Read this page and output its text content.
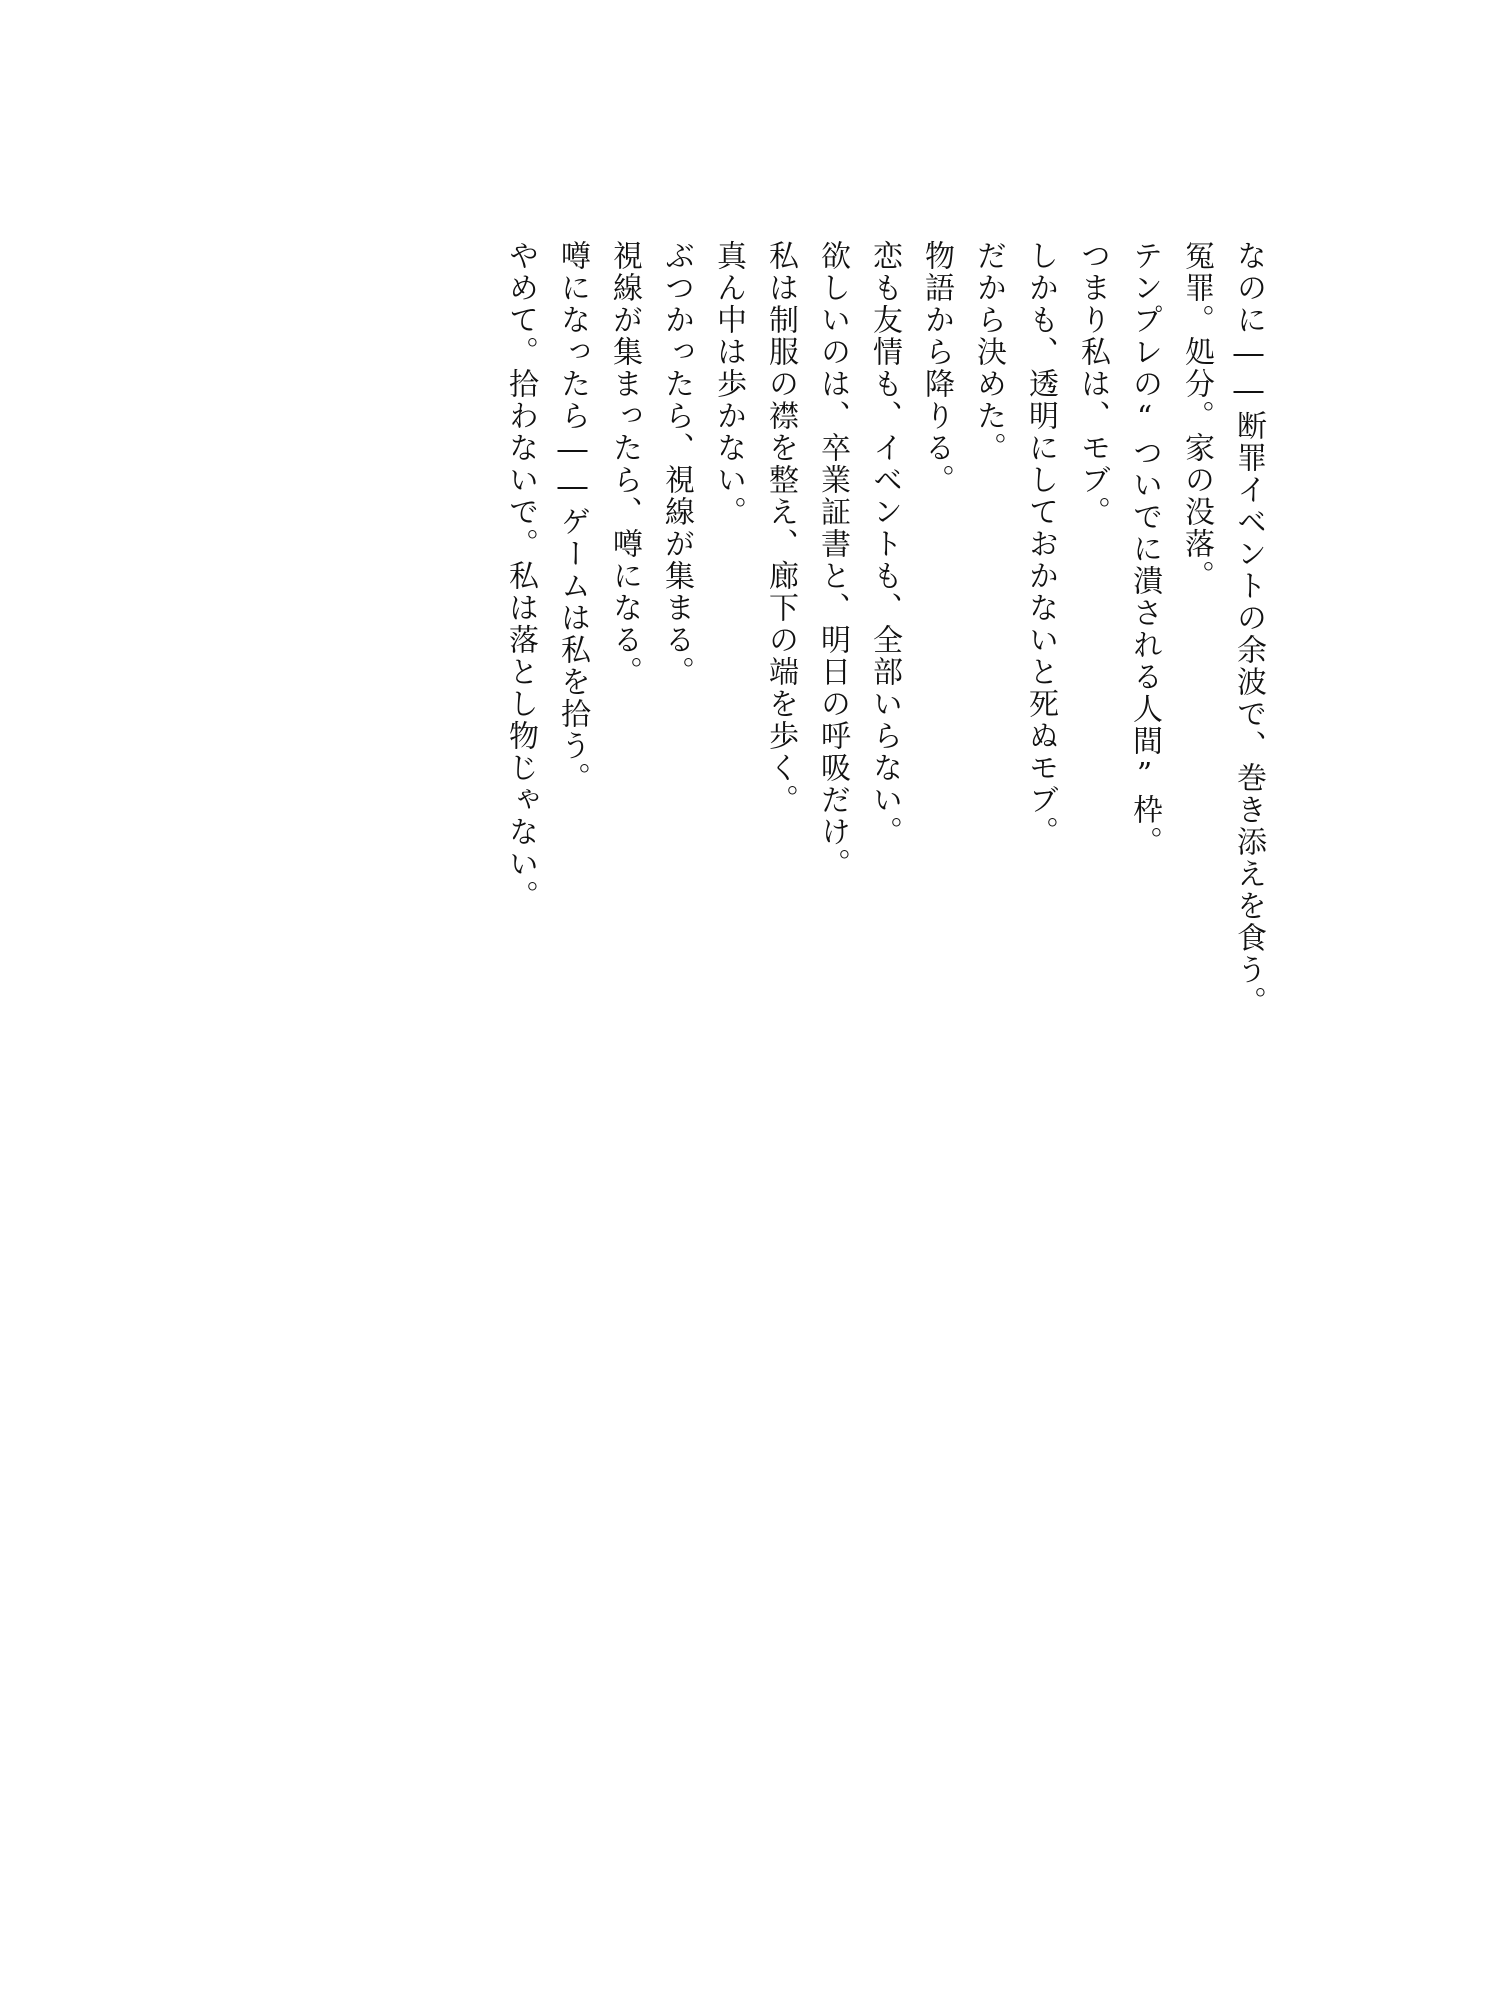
なのに――断罪イベントの余波で、巻き添えを食う。
冤罪。処分。家の没落。
テンプレの“ついでに潰される人間”枠。
つまり私は、モブ。
しかも、透明にしておかないと死ぬモブ。
だから決めた。
物語から降りる。
恋も友情も、イベントも、全部いらない。
欲しいのは、卒業証書と、明日の呼吸だけ。
私は制服の襟を整え、廊下の端を歩く。
真ん中は歩かない。
ぶつかったら、視線が集まる。
視線が集まったら、噂になる。
噂になったら――ゲームは私を拾う。
やめて。拾わないで。私は落とし物じゃない。
